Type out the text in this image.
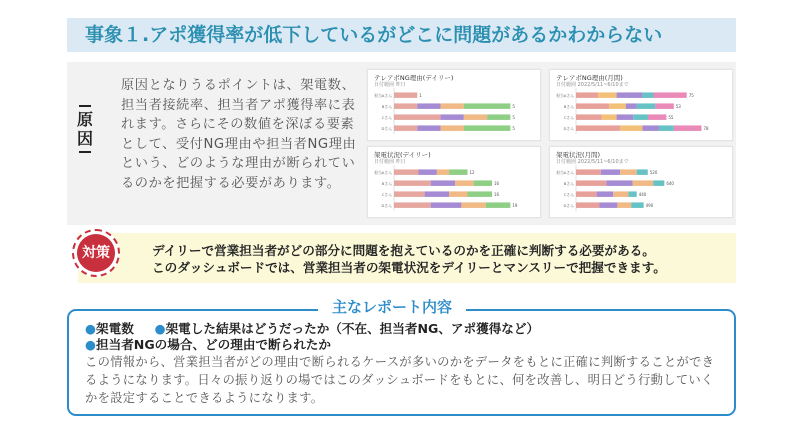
事象１.アポ獲得率が低下しているがどこに問題があるかわからない
原
因
原因となりうるポイントは、架電数、担当者接続率、担当者アポ獲得率に表れます。さらにその数値を深ぼる要素として、受付NG理由や担当者NG理由という、どのような理由が断られているのかを把握する必要があります。
担当Aさん	1
Bさん	5
Cさん	5
Dさん	5
テレアポNG理由(デイリー)
日付範囲 昨日
担当Aさん	75
Bさん	53
Cさん	55
Dさん	78
テレアポNG理由(月間)
日付範囲 2022/5/11~6/10まで
担当Aさん	12
Bさん	16
Cさん	16
Dさん	19
架電状況(デイリー)
日付範囲 昨日
担当Aさん	520
Bさん	640
Cさん	440
Dさん	490
架電状況(月間)
日付範囲 2022/5/11~6/10まで
対策	デイリーで営業担当者がどの部分に問題を抱えているのかを正確に判断する必要がある。
このダッシュボードでは、営業担当者の架電状況をデイリーとマンスリーで把握できます。
主なレポート内容
●架電数 ●架電した結果はどうだったか（不在、担当者NG、アポ獲得など）
●担当者NGの場合、どの理由で断られたか
この情報から、営業担当者がどの理由で断られるケースが多いのかをデータをもとに正確に判断することができるようになります。日々の振り返りの場ではこのダッシュボードをもとに、何を改善し、明日どう行動していくかを設定することできるようになります。
